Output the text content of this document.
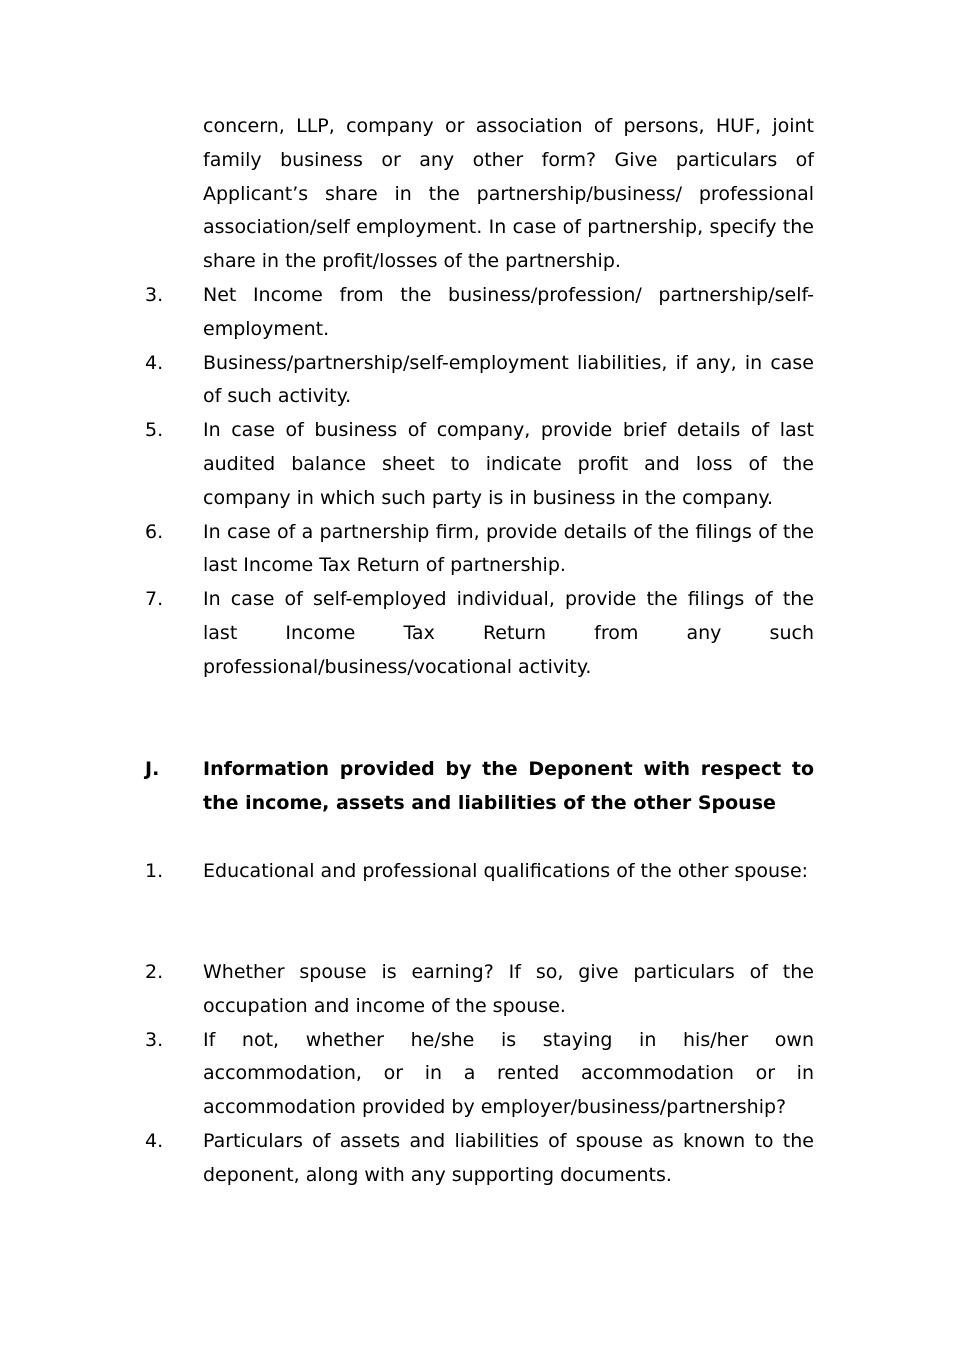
concern, LLP, company or association of persons, HUF, joint family business or any other form? Give particulars of Applicant’s share in the partnership/business/ professional association/self employment. In case of partnership, specify the share in the profit/losses of the partnership.
3. Net Income from the business/profession/ partnership/self-employment.
4. Business/partnership/self-employment liabilities, if any, in case of such activity.
5. In case of business of company, provide brief details of last audited balance sheet to indicate profit and loss of the company in which such party is in business in the company.
6. In case of a partnership firm, provide details of the filings of the last Income Tax Return of partnership.
7. In case of self-employed individual, provide the filings of the last Income Tax Return from any such professional/business/vocational activity.
J. Information provided by the Deponent with respect to the income, assets and liabilities of the other Spouse
1. Educational and professional qualifications of the other spouse:
2. Whether spouse is earning? If so, give particulars of the occupation and income of the spouse.
3. If not, whether he/she is staying in his/her own accommodation, or in a rented accommodation or in accommodation provided by employer/business/partnership?
4. Particulars of assets and liabilities of spouse as known to the deponent, along with any supporting documents.
